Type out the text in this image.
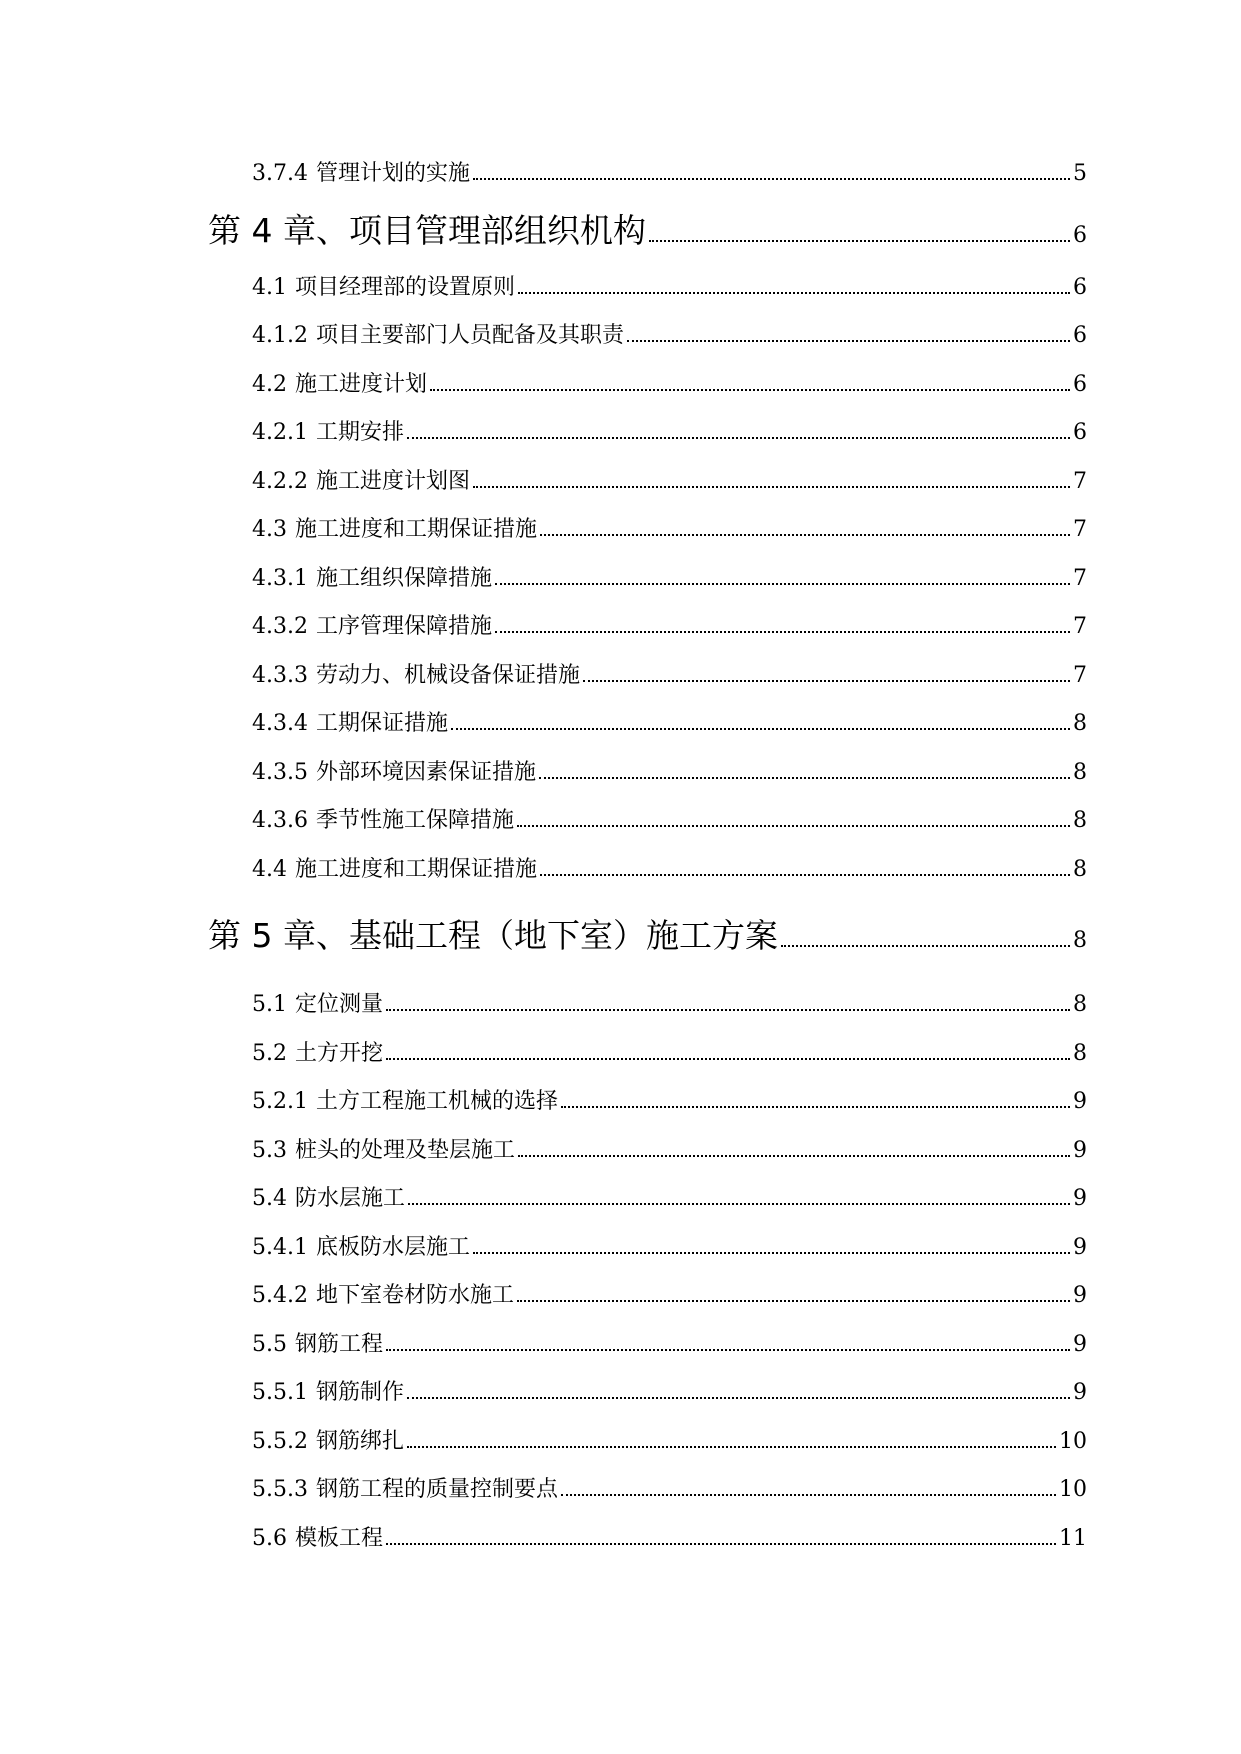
3.7.4 管理计划的实施	5
第 4 章、项目管理部组织机构	6
4.1 项目经理部的设置原则	6
4.1.2 项目主要部门人员配备及其职责	6
4.2 施工进度计划	6
4.2.1 工期安排	6
4.2.2 施工进度计划图	7
4.3 施工进度和工期保证措施	7
4.3.1 施工组织保障措施	7
4.3.2 工序管理保障措施	7
4.3.3 劳动力、机械设备保证措施	7
4.3.4 工期保证措施	8
4.3.5 外部环境因素保证措施	8
4.3.6 季节性施工保障措施	8
4.4 施工进度和工期保证措施	8
第 5 章、基础工程（地下室）施工方案	8
5.1 定位测量	8
5.2 土方开挖	8
5.2.1 土方工程施工机械的选择	9
5.3 桩头的处理及垫层施工	9
5.4 防水层施工	9
5.4.1 底板防水层施工	9
5.4.2 地下室卷材防水施工	9
5.5 钢筋工程	9
5.5.1 钢筋制作	9
5.5.2 钢筋绑扎	10
5.5.3 钢筋工程的质量控制要点	10
5.6 模板工程	11
